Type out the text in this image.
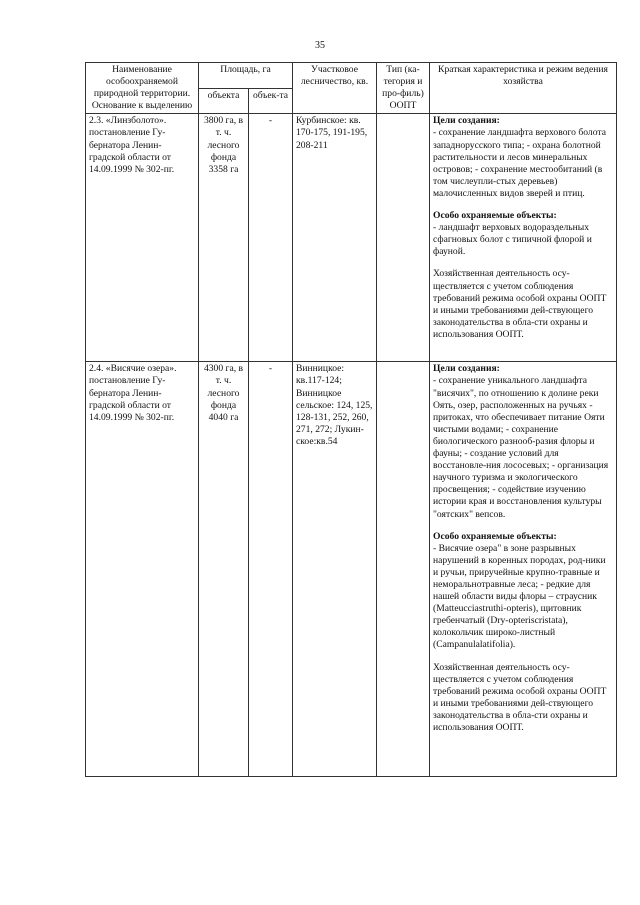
35
Наименование особоохраняемой природной территории. Основание к выделению	Площадь, га		Участковое лесничество, кв.	Тип (ка-тегория и про-филь) ООПТ	Краткая характеристика и режим ведения хозяйства
	объекта	объек-та			
2.3. «Линзболото». постановление Гу-бернатора Ленин-градской области от 14.09.1999 № 302-пг.	3800 га, в т. ч. лесного фонда 3358 га	-	Курбинское: кв. 170-175, 191-195, 208-211		Цели создания:

- сохранение ландшафта верхового болота западнорусского типа; - охрана болотной растительности и лесов минеральных островов; - сохранение местообитаний (в том числеупли-стых деревьев) малочисленных видов зверей и птиц.

Особо охраняемые объекты:

- ландшафт верховых водораздельных сфагновых болот с типичной флорой и фауной.

Хозяйственная деятельность осу-ществляется с учетом соблюдения требований режима особой охраны ООПТ и иными требованиями дей-ствующего законодательства в обла-сти охраны и использования ООПТ.

2.4. «Висячие озера». постановление Гу-бернатора Ленин-градской области от 14.09.1999 № 302-пг.	4300 га, в т. ч. лесного фонда 4040 га	-	Винницкое: кв.117-124; Винницкое сельское: 124, 125, 128-131, 252, 260, 271, 272; Лукин-ское:кв.54		Цели создания:

- сохранение уникального ландшафта "висячих", по отношению к долине реки Оять, озер, расположенных на ручьях - притоках, что обеспечивает питание Ояти чистыми водами; - сохранение биологического разнооб-разия флоры и фауны; - создание условий для восстановле-ния лососевых; - организация научного туризма и экологического просвещения; - содействие изучению истории края и восстановления культуры "оятских" вепсов.

Особо охраняемые объекты:

- Висячие озера" в зоне разрывных нарушений в коренных породах, род-ники и ручьи, приручейные крупно-травные и неморальнотравные леса; - редкие для нашей области виды флоры – страусник (Matteucciastruthi-opteris), щитовник гребенчатый (Dry-opteriscristata), колокольчик широко-листный (Campanulalatifolia).

Хозяйственная деятельность осу-ществляется с учетом соблюдения требований режима особой охраны ООПТ и иными требованиями дей-ствующего законодательства в обла-сти охраны и использования ООПТ.
